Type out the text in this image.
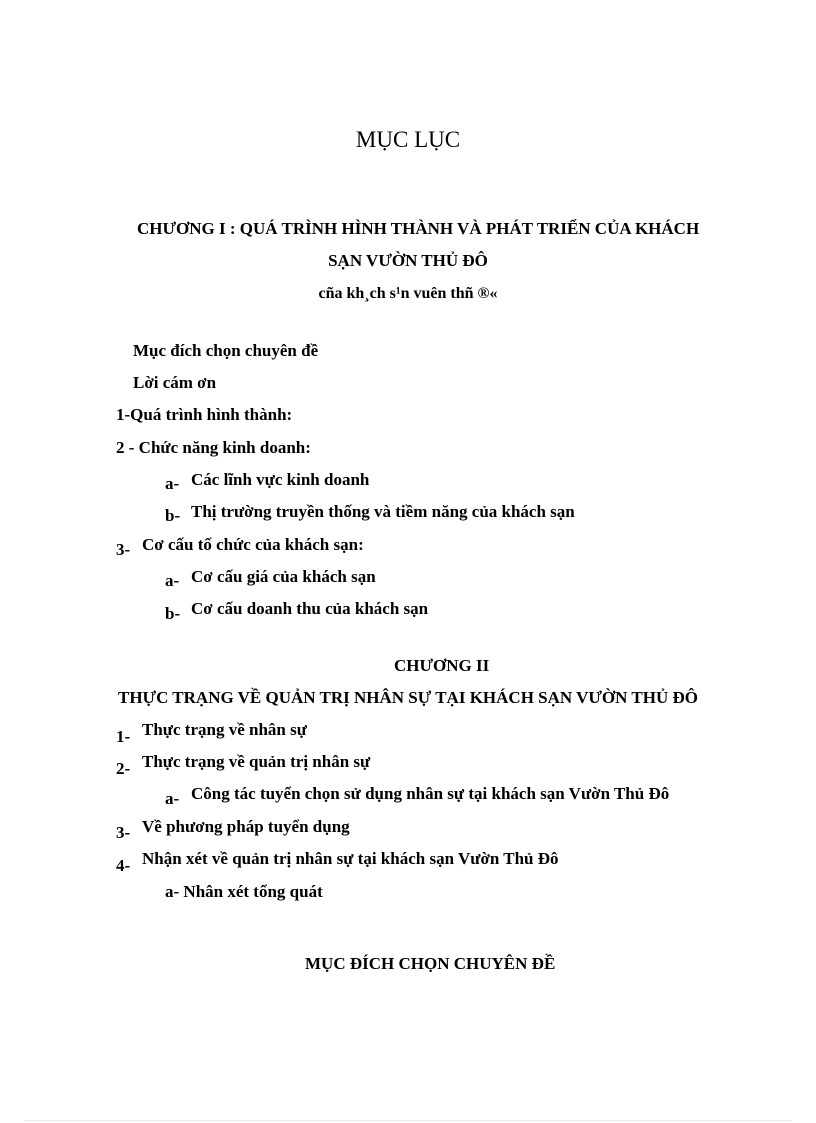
MỤC LỤC
CHƯƠNG I : QUÁ TRÌNH HÌNH THÀNH VÀ PHÁT TRIỂN CỦA KHÁCH
SẠN VƯỜN THỦ ĐÔ
cña kh¸ch s¹n vuên thñ ®«
Mục đích chọn chuyên đề
Lời cám ơn
1-Quá trình hình thành:
2 - Chức năng kinh doanh:
a- Các lĩnh vực kinh doanh
b- Thị trường truyền thống và tiềm năng của khách sạn
3- Cơ cấu tổ chức của khách sạn:
a- Cơ cấu giá của khách sạn
b- Cơ cấu doanh thu của khách sạn
CHƯƠNG II
THỰC TRẠNG VỀ QUẢN TRỊ NHÂN SỰ TẠI KHÁCH SẠN VƯỜN THỦ ĐÔ
1- Thực trạng về nhân sự
2- Thực trạng về quản trị nhân sự
a- Công tác tuyển chọn sử dụng nhân sự tại khách sạn Vườn Thủ Đô
3- Về phương pháp tuyển dụng
4- Nhận xét về quản trị nhân sự tại khách sạn Vườn Thủ Đô
a- Nhân xét tổng quát
MỤC ĐÍCH CHỌN CHUYÊN ĐỀ
